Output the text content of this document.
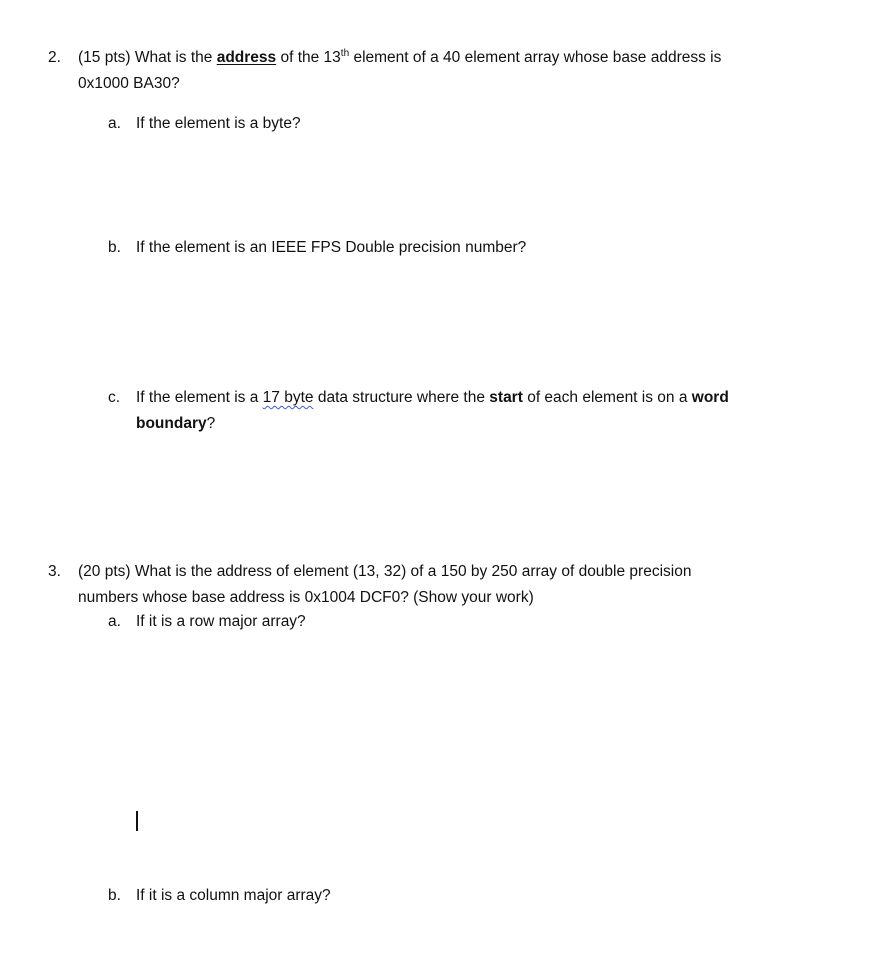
2. (15 pts) What is the address of the 13th element of a 40 element array whose base address is
0x1000 BA30?
a. If the element is a byte?
b. If the element is an IEEE FPS Double precision number?
c. If the element is a 17 byte data structure where the start of each element is on a word
boundary?
3. (20 pts) What is the address of element (13, 32) of a 150 by 250 array of double precision
numbers whose base address is 0x1004 DCF0? (Show your work)
a. If it is a row major array?
b. If it is a column major array?
